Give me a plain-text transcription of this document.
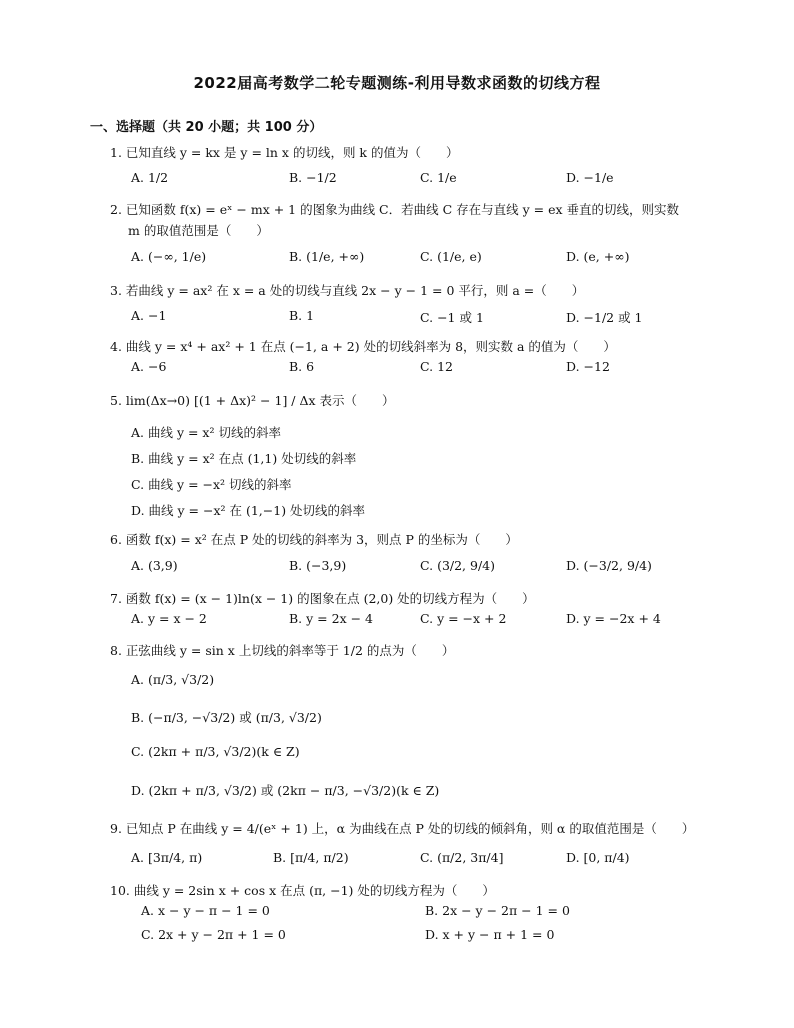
2022届高考数学二轮专题测练-利用导数求函数的切线方程
一、选择题（共 20 小题；共 100 分）
1. 已知直线 y = kx 是 y = ln x 的切线，则 k 的值为（　　）
A. 1/2	B. −1/2	C. 1/e	D. −1/e
2. 已知函数 f(x) = eˣ − mx + 1 的图象为曲线 C．若曲线 C 存在与直线 y = ex 垂直的切线，则实数
m 的取值范围是（　　）
A. (−∞, 1/e)	B. (1/e, +∞)	C. (1/e, e)	D. (e, +∞)
3. 若曲线 y = ax² 在 x = a 处的切线与直线 2x − y − 1 = 0 平行，则 a =（　　）
A. −1	B. 1	C. −1 或 1	D. −1/2 或 1
4. 曲线 y = x⁴ + ax² + 1 在点 (−1, a + 2) 处的切线斜率为 8，则实数 a 的值为（　　）
A. −6	B. 6	C. 12	D. −12
5. lim(Δx→0) [(1 + Δx)² − 1] / Δx 表示（　　）
A. 曲线 y = x² 切线的斜率
B. 曲线 y = x² 在点 (1,1) 处切线的斜率
C. 曲线 y = −x² 切线的斜率
D. 曲线 y = −x² 在 (1,−1) 处切线的斜率
6. 函数 f(x) = x² 在点 P 处的切线的斜率为 3，则点 P 的坐标为（　　）
A. (3,9)	B. (−3,9)	C. (3/2, 9/4)	D. (−3/2, 9/4)
7. 函数 f(x) = (x − 1)ln(x − 1) 的图象在点 (2,0) 处的切线方程为（　　）
A. y = x − 2	B. y = 2x − 4	C. y = −x + 2	D. y = −2x + 4
8. 正弦曲线 y = sin x 上切线的斜率等于 1/2 的点为（　　）
A. (π/3, √3/2)
B. (−π/3, −√3/2) 或 (π/3, √3/2)
C. (2kπ + π/3, √3/2)(k ∈ Z)
D. (2kπ + π/3, √3/2) 或 (2kπ − π/3, −√3/2)(k ∈ Z)
9. 已知点 P 在曲线 y = 4/(eˣ + 1) 上，α 为曲线在点 P 处的切线的倾斜角，则 α 的取值范围是（　　）
A. [3π/4, π)	B. [π/4, π/2)	C. (π/2, 3π/4]	D. [0, π/4)
10. 曲线 y = 2sin x + cos x 在点 (π, −1) 处的切线方程为（　　）
A. x − y − π − 1 = 0	B. 2x − y − 2π − 1 = 0
C. 2x + y − 2π + 1 = 0	D. x + y − π + 1 = 0
